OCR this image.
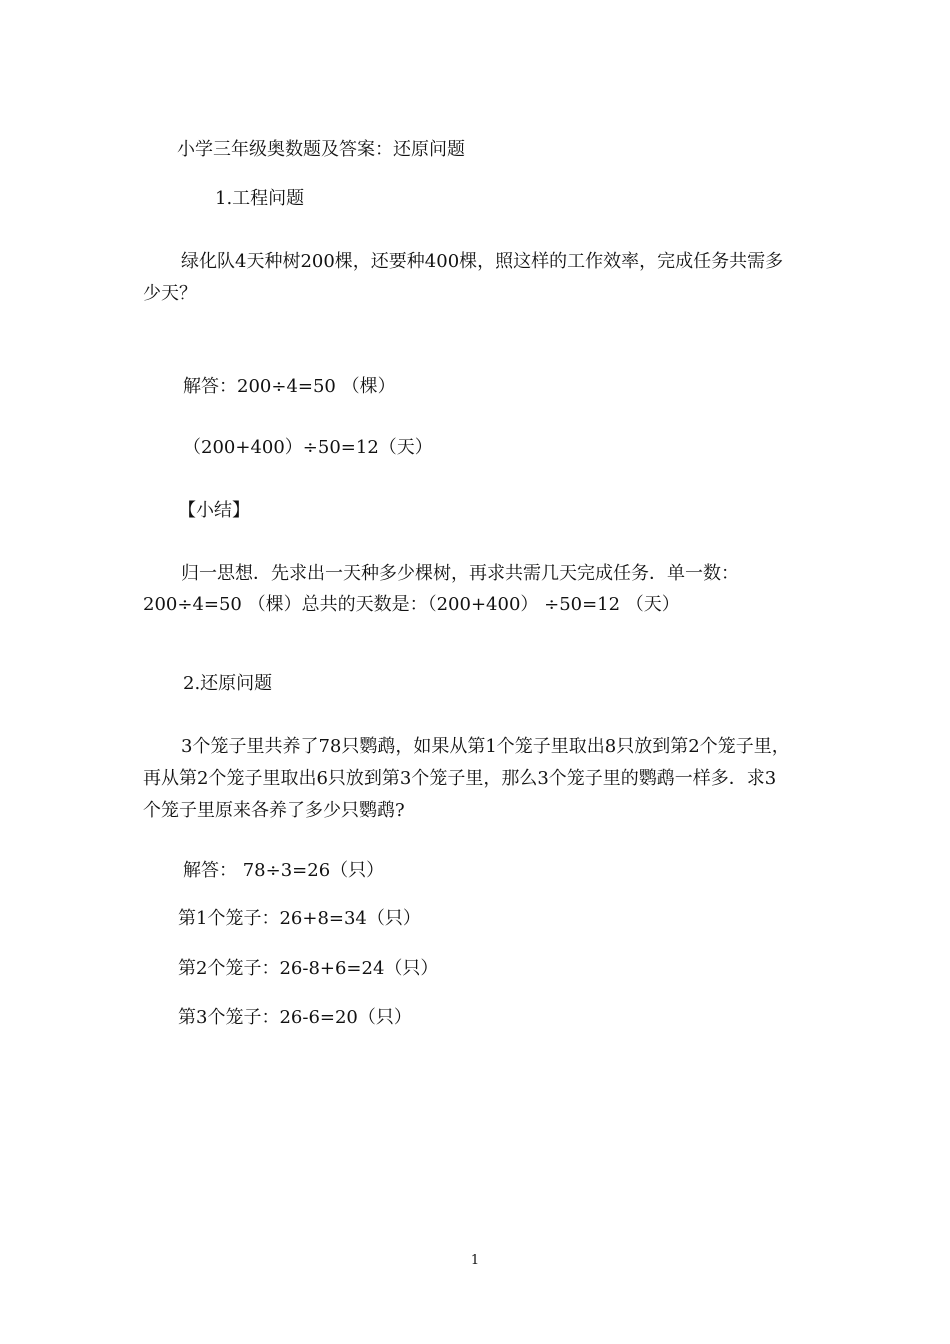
小学三年级奥数题及答案：还原问题
1.工程问题
绿化队4天种树200棵，还要种400棵，照这样的工作效率，完成任务共需多
少天？
解答：200÷4=50 （棵）
（200+400）÷50=12（天）
【小结】
归一思想．先求出一天种多少棵树，再求共需几天完成任务．单一数：
200÷4=50 （棵）总共的天数是：（200+400） ÷50=12 （天）
2.还原问题
3个笼子里共养了78只鹦鹉，如果从第1个笼子里取出8只放到第2个笼子里，
再从第2个笼子里取出6只放到第3个笼子里，那么3个笼子里的鹦鹉一样多．求3
个笼子里原来各养了多少只鹦鹉?
解答： 78÷3=26（只）
第1个笼子：26+8=34（只）
第2个笼子：26-8+6=24（只）
第3个笼子：26-6=20（只）
1
